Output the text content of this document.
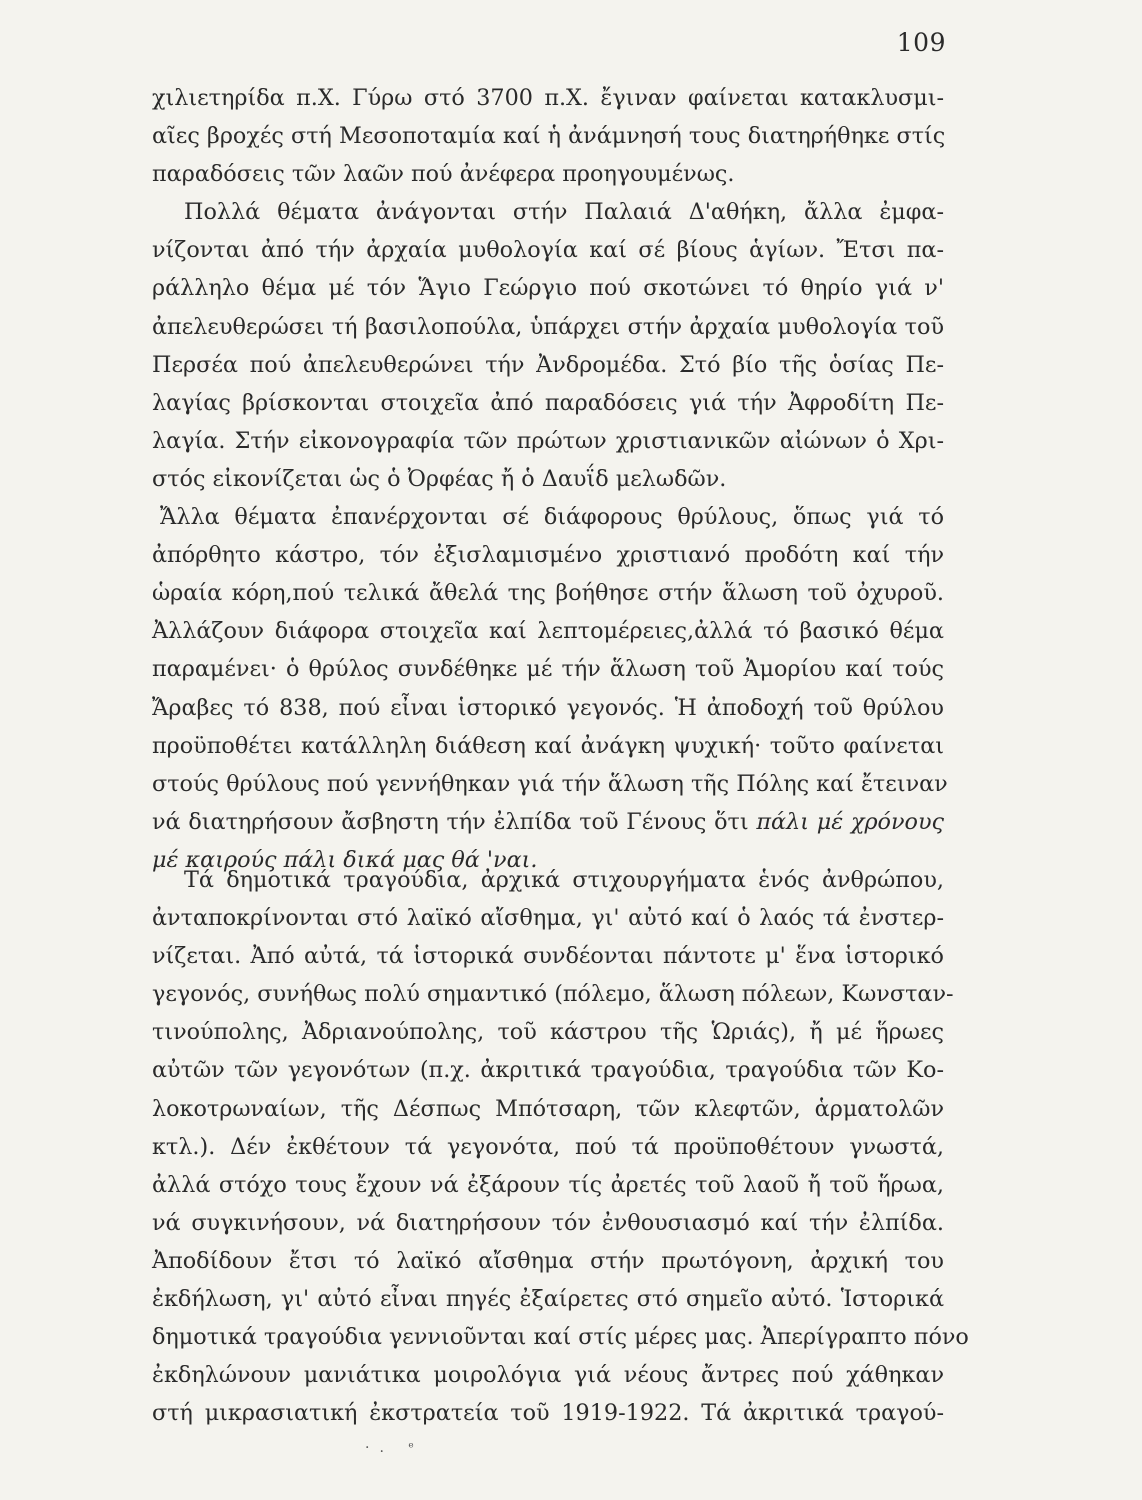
109
χιλιετηρίδα π.Χ. Γύρω στό 3700 π.Χ. ἔγιναν φαίνεται κατακλυσμι-
αῖες βροχές στή Μεσοποταμία καί ἡ ἀνάμνησή τους διατηρήθηκε στίς
παραδόσεις τῶν λαῶν πού ἀνέφερα προηγουμένως.
Πολλά θέματα ἀνάγονται στήν Παλαιά Δ'αθήκη, ἄλλα ἐμφα-
νίζονται ἀπό τήν ἀρχαία μυθολογία καί σέ βίους ἁγίων. Ἔτσι πα-
ράλληλο θέμα μέ τόν Ἅγιο Γεώργιο πού σκοτώνει τό θηρίο γιά ν'
ἀπελευθερώσει τή βασιλοπούλα, ὑπάρχει στήν ἀρχαία μυθολογία τοῦ
Περσέα πού ἀπελευθερώνει τήν Ἀνδρομέδα. Στό βίο τῆς ὁσίας Πε-
λαγίας βρίσκονται στοιχεῖα ἀπό παραδόσεις γιά τήν Ἀφροδίτη Πε-
λαγία. Στήν εἰκονογραφία τῶν πρώτων χριστιανικῶν αἰώνων ὁ Χρι-
στός εἰκονίζεται ὡς ὁ Ὀρφέας ἤ ὁ Δαυΐδ μελωδῶν.
Ἄλλα θέματα ἐπανέρχονται σέ διάφορους θρύλους, ὅπως γιά τό
ἀπόρθητο κάστρο, τόν ἐξισλαμισμένο χριστιανό προδότη καί τήν
ὡραία κόρη,πού τελικά ἄθελά της βοήθησε στήν ἅλωση τοῦ ὀχυροῦ.
Ἀλλάζουν διάφορα στοιχεῖα καί λεπτομέρειες,ἀλλά τό βασικό θέμα
παραμένει· ὁ θρύλος συνδέθηκε μέ τήν ἅλωση τοῦ Ἀμορίου καί τούς
Ἄραβες τό 838, πού εἶναι ἱστορικό γεγονός. Ἡ ἀποδοχή τοῦ θρύλου
προϋποθέτει κατάλληλη διάθεση καί ἀνάγκη ψυχική· τοῦτο φαίνεται
στούς θρύλους πού γεννήθηκαν γιά τήν ἅλωση τῆς Πόλης καί ἔτειναν
νά διατηρήσουν ἄσβηστη τήν ἐλπίδα τοῦ Γένους ὅτι πάλι μέ χρόνους
μέ καιρούς πάλι δικά μας θά 'ναι.
Τά δημοτικά τραγούδια, ἀρχικά στιχουργήματα ἑνός ἀνθρώπου,
ἀνταποκρίνονται στό λαϊκό αἴσθημα, γι' αὐτό καί ὁ λαός τά ἐνστερ-
νίζεται. Ἀπό αὐτά, τά ἱστορικά συνδέονται πάντοτε μ' ἕνα ἱστορικό
γεγονός, συνήθως πολύ σημαντικό (πόλεμο, ἅλωση πόλεων, Κωνσταν-
τινούπολης, Ἀδριανούπολης, τοῦ κάστρου τῆς Ὡριάς), ἤ μέ ἥρωες
αὐτῶν τῶν γεγονότων (π.χ. ἀκριτικά τραγούδια, τραγούδια τῶν Κο-
λοκοτρωναίων, τῆς Δέσπως Μπότσαρη, τῶν κλεφτῶν, ἁρματολῶν
κτλ.). Δέν ἐκθέτουν τά γεγονότα, πού τά προϋποθέτουν γνωστά,
ἀλλά στόχο τους ἔχουν νά ἐξάρουν τίς ἀρετές τοῦ λαοῦ ἤ τοῦ ἥρωα,
νά συγκινήσουν, νά διατηρήσουν τόν ἐνθουσιασμό καί τήν ἐλπίδα.
Ἀποδίδουν ἔτσι τό λαϊκό αἴσθημα στήν πρωτόγονη, ἀρχική του
ἐκδήλωση, γι' αὐτό εἶναι πηγές ἐξαίρετες στό σημεῖο αὐτό. Ἱστορικά
δημοτικά τραγούδια γεννιοῦνται καί στίς μέρες μας. Ἀπερίγραπτο πόνο
ἐκδηλώνουν μανιάτικα μοιρολόγια γιά νέους ἄντρες πού χάθηκαν
στή μικρασιατική ἐκστρατεία τοῦ 1919-1922. Τά ἀκριτικά τραγού-
·. ᵉ
